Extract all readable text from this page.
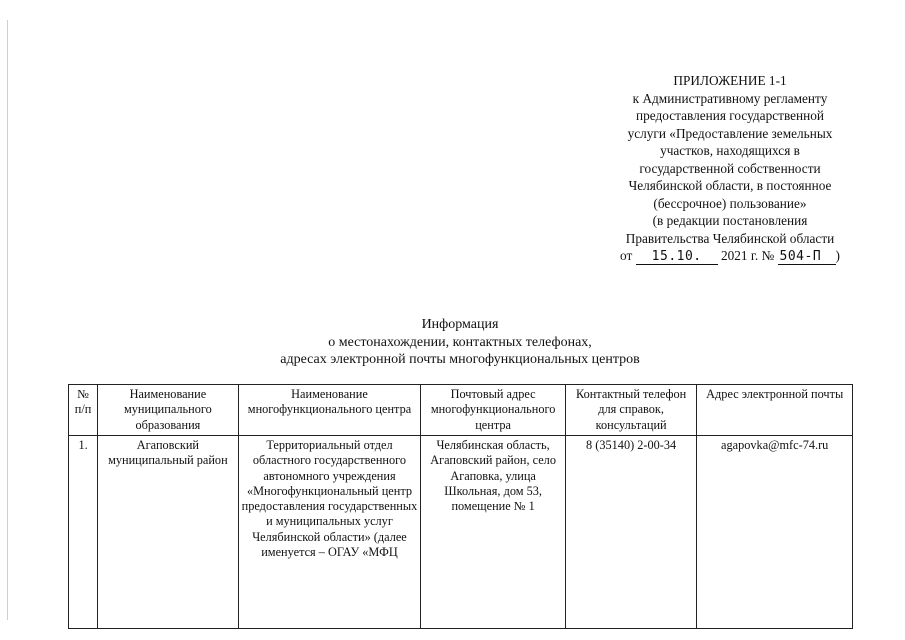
ПРИЛОЖЕНИЕ 1-1
к Административному регламенту
предоставления государственной
услуги «Предоставление земельных
участков, находящихся в
государственной собственности
Челябинской области, в постоянное
(бессрочное) пользование»
(в редакции постановления
Правительства Челябинской области
от 15.10. 2021 г. № 504-П )
Информация
о местонахождении, контактных телефонах,
адресах электронной почты многофункциональных центров
№ п/п	Наименование муниципального образования	Наименование многофункционального центра	Почтовый адрес многофункционального центра	Контактный телефон для справок, консультаций	Адрес электронной почты
1.	Агаповский муниципальный район	Территориальный отдел областного государственного автономного учреждения «Многофункциональный центр предоставления государственных и муниципальных услуг Челябинской области» (далее именуется – ОГАУ «МФЦ	Челябинская область, Агаповский район, село Агаповка, улица Школьная, дом 53, помещение № 1	8 (35140) 2-00-34	agapovka@mfc-74.ru
